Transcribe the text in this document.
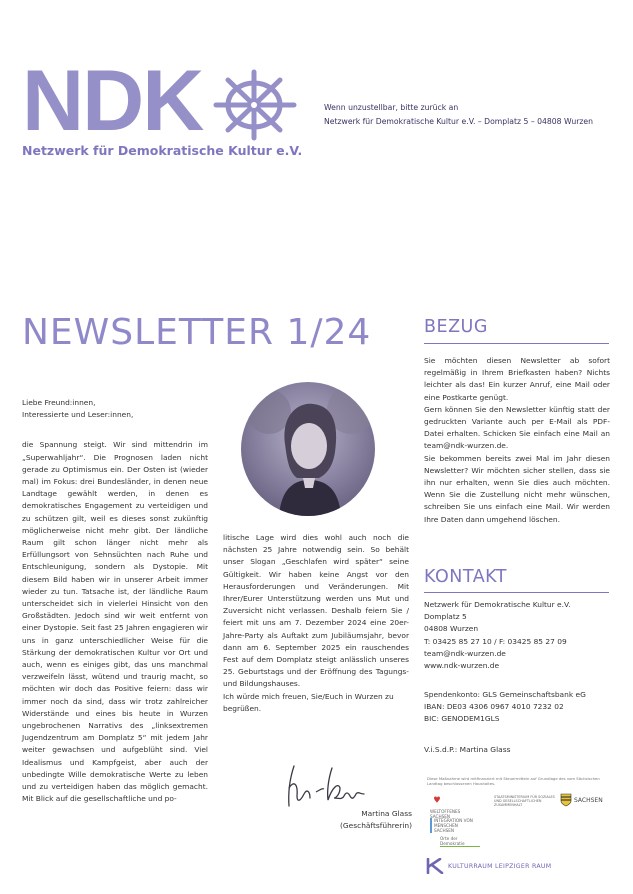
NDK
Netzwerk für Demokratische Kultur e.V.
Wenn unzustellbar, bitte zurück an
Netzwerk für Demokratische Kultur e.V. – Domplatz 5 – 04808 Wurzen
NEWSLETTER 1/24

Liebe Freund:innen,

Interessierte und Leser:innen,

die Spannung steigt. Wir sind mittendrin im „Superwahljahr“. Die Prognosen laden nicht gerade zu Optimismus ein. Der Osten ist (wieder mal) im Fokus: drei Bundesländer, in denen neue Landtage gewählt werden, in denen es demokratisches Engagement zu verteidigen und zu schützen gilt, weil es dieses sonst zukünftig möglicherweise nicht mehr gibt. Der ländliche Raum gilt schon länger nicht mehr als Erfüllungsort von Sehnsüchten nach Ruhe und Entschleunigung, sondern als Dystopie. Mit diesem Bild haben wir in unserer Arbeit immer wieder zu tun. Tatsache ist, der ländliche Raum unterscheidet sich in vielerlei Hinsicht von den Großstädten. Jedoch sind wir weit entfernt von einer Dystopie. Seit fast 25 Jahren engagieren wir uns in ganz unterschiedlicher Weise für die Stärkung der demokratischen Kultur vor Ort und auch, wenn es einiges gibt, das uns manchmal verzweifeln lässt, wütend und traurig macht, so möchten wir doch das Positive feiern: dass wir immer noch da sind, dass wir trotz zahlreicher Widerstände und eines bis heute in Wurzen ungebrochenen Narrativs des „linksextremen Jugendzentrum am Domplatz 5“ mit jedem Jahr weiter gewachsen und aufgeblüht sind. Viel Idealismus und Kampfgeist, aber auch der unbedingte Wille demokratische Werte zu leben und zu verteidigen haben das möglich gemacht. Mit Blick auf die gesellschaftliche und po-

litische Lage wird dies wohl auch noch die nächsten 25 Jahre notwendig sein. So behält unser Slogan „Geschlafen wird später“ seine Gültigkeit. Wir haben keine Angst vor den Herausforderungen und Veränderungen. Mit Ihrer/Eurer Unterstützung werden uns Mut und Zuversicht nicht verlassen. Deshalb feiern Sie / feiert mit uns am 7. Dezember 2024 eine 20er-Jahre-Party als Auftakt zum Jubiläumsjahr, bevor dann am 6. September 2025 ein rauschendes Fest auf dem Domplatz steigt anlässlich unseres 25. Geburtstags und der Eröffnung des Tagungs- und Bildungshauses.

Ich würde mich freuen, Sie/Euch in Wurzen zu begrüßen.

Martina Glass
(Geschäftsführerin)
BEZUG

Sie möchten diesen Newsletter ab sofort regelmäßig in Ihrem Briefkasten haben? Nichts leichter als das! Ein kurzer Anruf, eine Mail oder eine Postkarte genügt.

Gern können Sie den Newsletter künftig statt der gedruckten Variante auch per E-Mail als PDF-Datei erhalten. Schicken Sie einfach eine Mail an team@ndk-wurzen.de.

Sie bekommen bereits zwei Mal im Jahr diesen Newsletter? Wir möchten sicher stellen, dass sie ihn nur erhalten, wenn Sie dies auch möchten. Wenn Sie die Zustellung nicht mehr wünschen, schreiben Sie uns einfach eine Mail. Wir werden Ihre Daten dann umgehend löschen.

KONTAKT
Netzwerk für Demokratische Kultur e.V.
Domplatz 5
04808 Wurzen
T: 03425 85 27 10 / F: 03425 85 27 09
team@ndk-wurzen.de
www.ndk-wurzen.de
Spendenkonto: GLS Gemeinschaftsbank eG
IBAN: DE03 4306 0967 4010 7232 02
BIC: GENODEM1GLS
V.i.S.d.P.: Martina Glass
Diese Maßnahme wird mitfinanziert mit Steuermitteln auf Grundlage des vom Sächsischen Landtag beschlossenen Haushaltes.
WELTOFFENES SACHSEN
INTEGRATION VON MENSCHEN SACHSEN
STAATSMINISTERIUM FÜR SOZIALES UND GESELLSCHAFTLICHEN ZUSAMMENHALT
SACHSEN
Orte der Demokratie
KULTURRAUM LEIPZIGER RAUM
